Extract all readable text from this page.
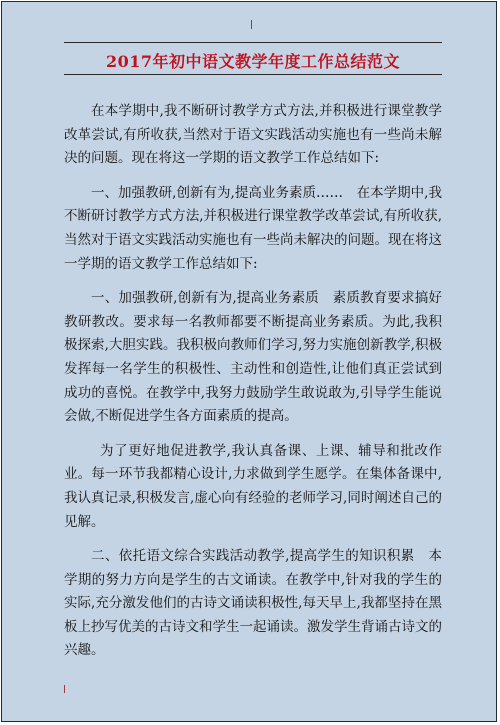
2017年初中语文教学年度工作总结范文

在本学期中,我不断研讨教学方式方法,并积极进行课堂教学改革尝试,有所收获,当然对于语文实践活动实施也有一些尚未解决的问题。现在将这一学期的语文教学工作总结如下:

一、加强教研,创新有为,提高业务素质……　在本学期中,我不断研讨教学方式方法,并积极进行课堂教学改革尝试,有所收获,当然对于语文实践活动实施也有一些尚未解决的问题。现在将这一学期的语文教学工作总结如下:

一、加强教研,创新有为,提高业务素质　素质教育要求搞好教研教改。要求每一名教师都要不断提高业务素质。为此,我积极探索,大胆实践。我积极向教师们学习,努力实施创新教学,积极发挥每一名学生的积极性、主动性和创造性,让他们真正尝试到成功的喜悦。在教学中,我努力鼓励学生敢说敢为,引导学生能说会做,不断促进学生各方面素质的提高。

为了更好地促进教学,我认真备课、上课、辅导和批改作业。每一环节我都精心设计,力求做到学生愿学。在集体备课中,我认真记录,积极发言,虚心向有经验的老师学习,同时阐述自己的见解。

二、依托语文综合实践活动教学,提高学生的知识积累　本学期的努力方向是学生的古文诵读。在教学中,针对我的学生的实际,充分激发他们的古诗文诵读积极性,每天早上,我都坚持在黑板上抄写优美的古诗文和学生一起诵读。激发学生背诵古诗文的兴趣。
